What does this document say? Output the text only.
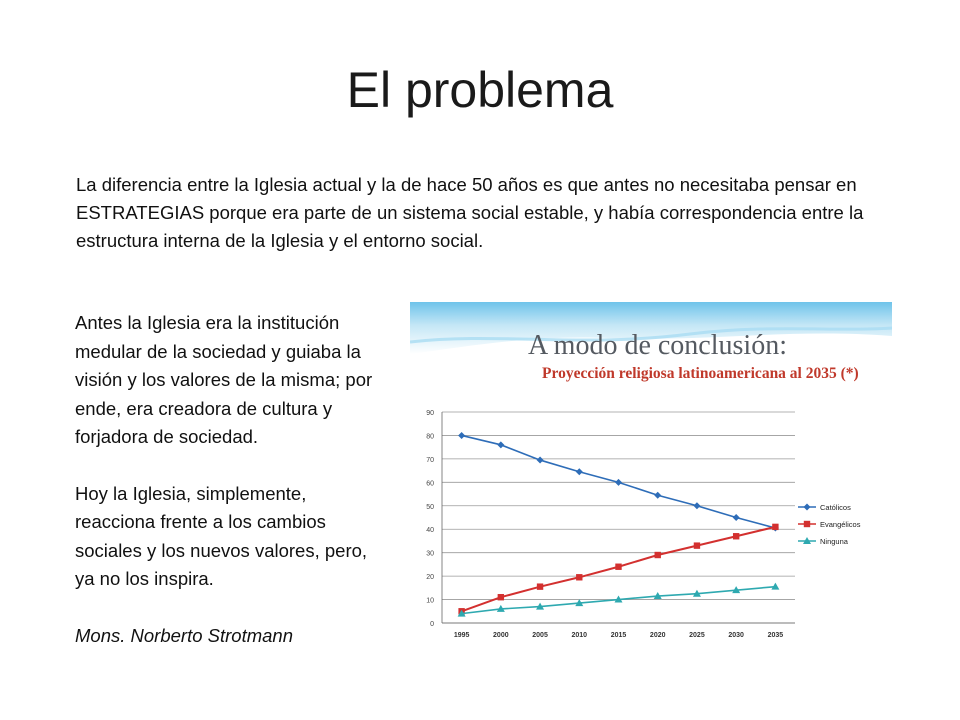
El problema
La diferencia entre la Iglesia actual y la de hace 50 años es que antes no necesitaba pensar en ESTRATEGIAS porque era parte de un sistema social estable, y había correspondencia entre la estructura interna de la Iglesia y el entorno social.

Antes la Iglesia era la institución medular de la sociedad y guiaba la visión y los valores de la misma; por ende, era creadora de cultura y forjadora de sociedad.

Hoy la Iglesia, simplemente, reacciona frente a los cambios sociales y los nuevos valores, pero, ya no los inspira.

Mons. Norberto Strotmann

A modo de conclusión:
Proyección religiosa latinoamericana al 2035 (*)
0
10
20
30
40
50
60
70
80
90
1995	2000	2005	2010	2015	2020	2025	2030	2035
Católicos
Evangélicos
Ninguna
